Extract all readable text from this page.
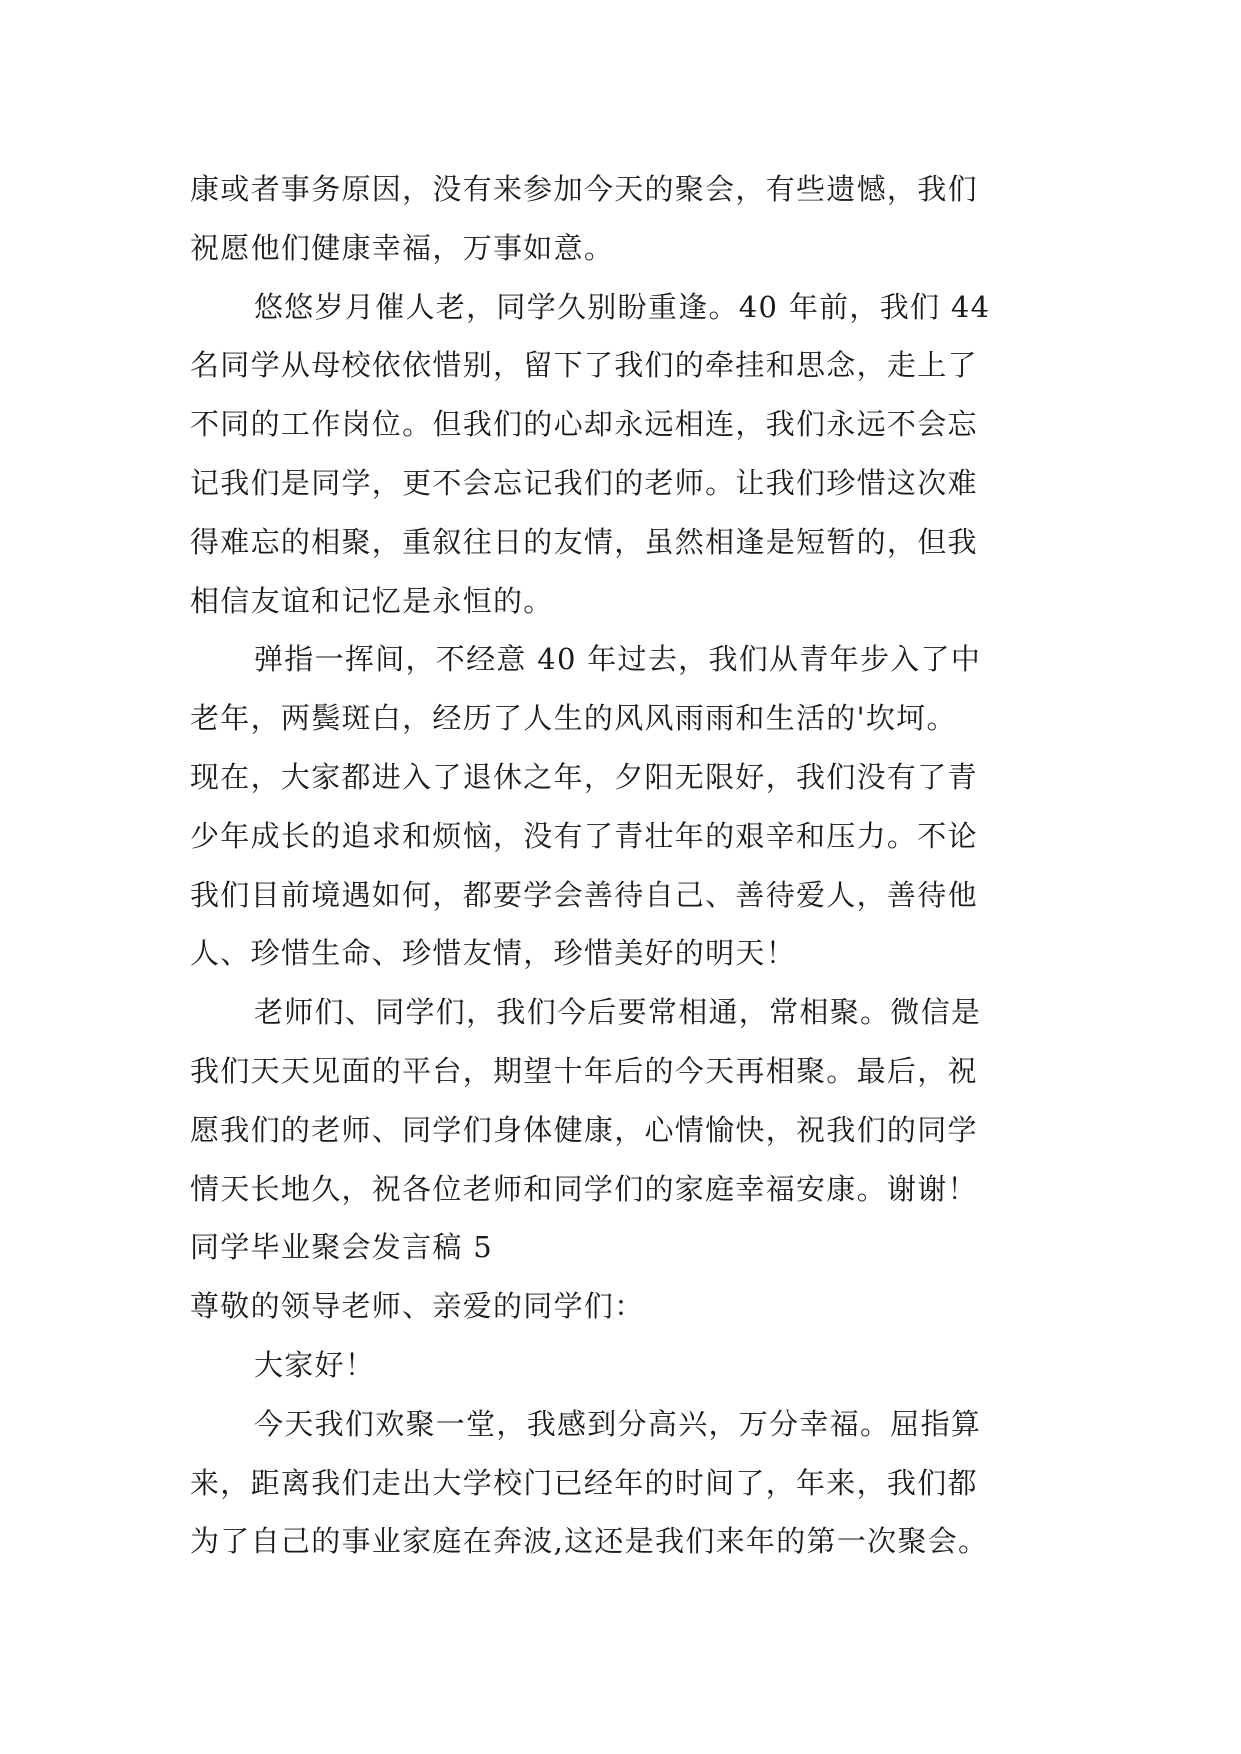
康或者事务原因，没有来参加今天的聚会，有些遗憾，我们
祝愿他们健康幸福，万事如意。
悠悠岁月催人老，同学久别盼重逢。40 年前，我们 44
名同学从母校依依惜别，留下了我们的牵挂和思念，走上了
不同的工作岗位。但我们的心却永远相连，我们永远不会忘
记我们是同学，更不会忘记我们的老师。让我们珍惜这次难
得难忘的相聚，重叙往日的友情，虽然相逢是短暂的，但我
相信友谊和记忆是永恒的。
弹指一挥间，不经意 40 年过去，我们从青年步入了中
老年，两鬓斑白，经历了人生的风风雨雨和生活的'坎坷。
现在，大家都进入了退休之年，夕阳无限好，我们没有了青
少年成长的追求和烦恼，没有了青壮年的艰辛和压力。不论
我们目前境遇如何，都要学会善待自己、善待爱人，善待他
人、珍惜生命、珍惜友情，珍惜美好的明天！
老师们、同学们，我们今后要常相通，常相聚。微信是
我们天天见面的平台，期望十年后的今天再相聚。最后，祝
愿我们的老师、同学们身体健康，心情愉快，祝我们的同学
情天长地久，祝各位老师和同学们的家庭幸福安康。谢谢！
同学毕业聚会发言稿 5
尊敬的领导老师、亲爱的同学们：
大家好！
今天我们欢聚一堂，我感到分高兴，万分幸福。屈指算
来，距离我们走出大学校门已经年的时间了，年来，我们都
为了自己的事业家庭在奔波,这还是我们来年的第一次聚会。
